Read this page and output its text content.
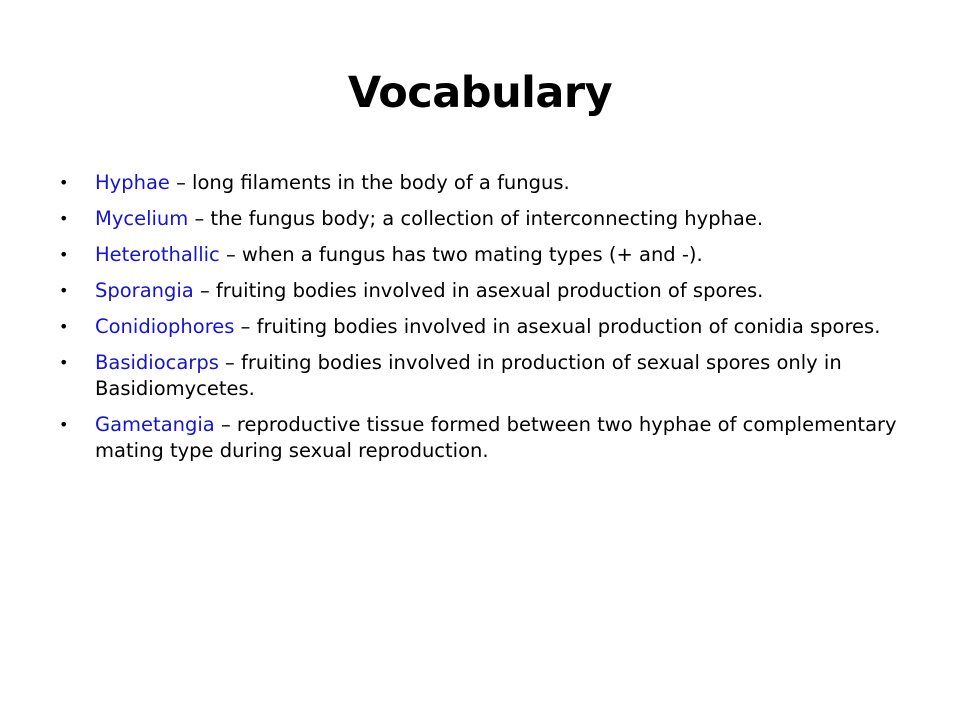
Vocabulary
• Hyphae – long filaments in the body of a fungus.
• Mycelium – the fungus body; a collection of interconnecting hyphae.
• Heterothallic – when a fungus has two mating types (+ and -).
• Sporangia – fruiting bodies involved in asexual production of spores.
• Conidiophores – fruiting bodies involved in asexual production of conidia spores.
• Basidiocarps – fruiting bodies involved in production of sexual spores only in Basidiomycetes.
• Gametangia – reproductive tissue formed between two hyphae of complementary mating type during sexual reproduction.
